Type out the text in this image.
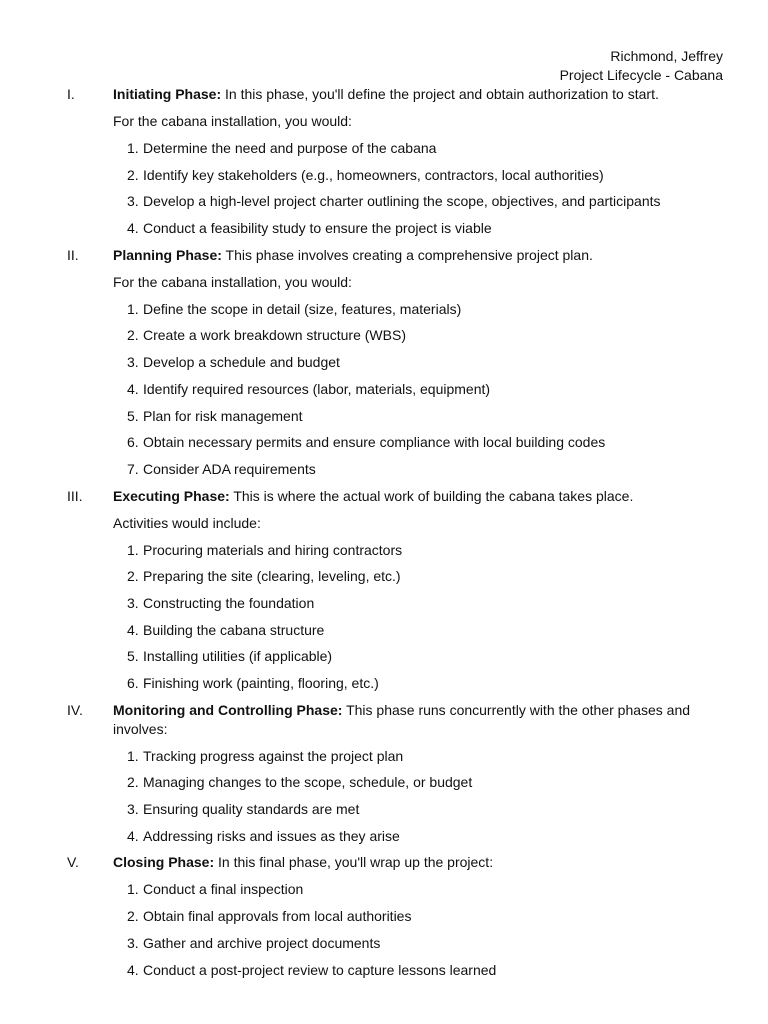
Richmond, Jeffrey
Project Lifecycle - Cabana
I.	Initiating Phase: In this phase, you'll define the project and obtain authorization to start.
For the cabana installation, you would:
1. Determine the need and purpose of the cabana
2. Identify key stakeholders (e.g., homeowners, contractors, local authorities)
3. Develop a high-level project charter outlining the scope, objectives, and participants
4. Conduct a feasibility study to ensure the project is viable
II. Planning Phase: This phase involves creating a comprehensive project plan.
For the cabana installation, you would:
1. Define the scope in detail (size, features, materials)
2. Create a work breakdown structure (WBS)
3. Develop a schedule and budget
4. Identify required resources (labor, materials, equipment)
5. Plan for risk management
6. Obtain necessary permits and ensure compliance with local building codes
7. Consider ADA requirements
III. Executing Phase: This is where the actual work of building the cabana takes place.
Activities would include:
1. Procuring materials and hiring contractors
2. Preparing the site (clearing, leveling, etc.)
3. Constructing the foundation
4. Building the cabana structure
5. Installing utilities (if applicable)
6. Finishing work (painting, flooring, etc.)
IV. Monitoring and Controlling Phase: This phase runs concurrently with the other phases and involves:
1. Tracking progress against the project plan
2. Managing changes to the scope, schedule, or budget
3. Ensuring quality standards are met
4. Addressing risks and issues as they arise
V. Closing Phase: In this final phase, you'll wrap up the project:
1. Conduct a final inspection
2. Obtain final approvals from local authorities
3. Gather and archive project documents
4. Conduct a post-project review to capture lessons learned
